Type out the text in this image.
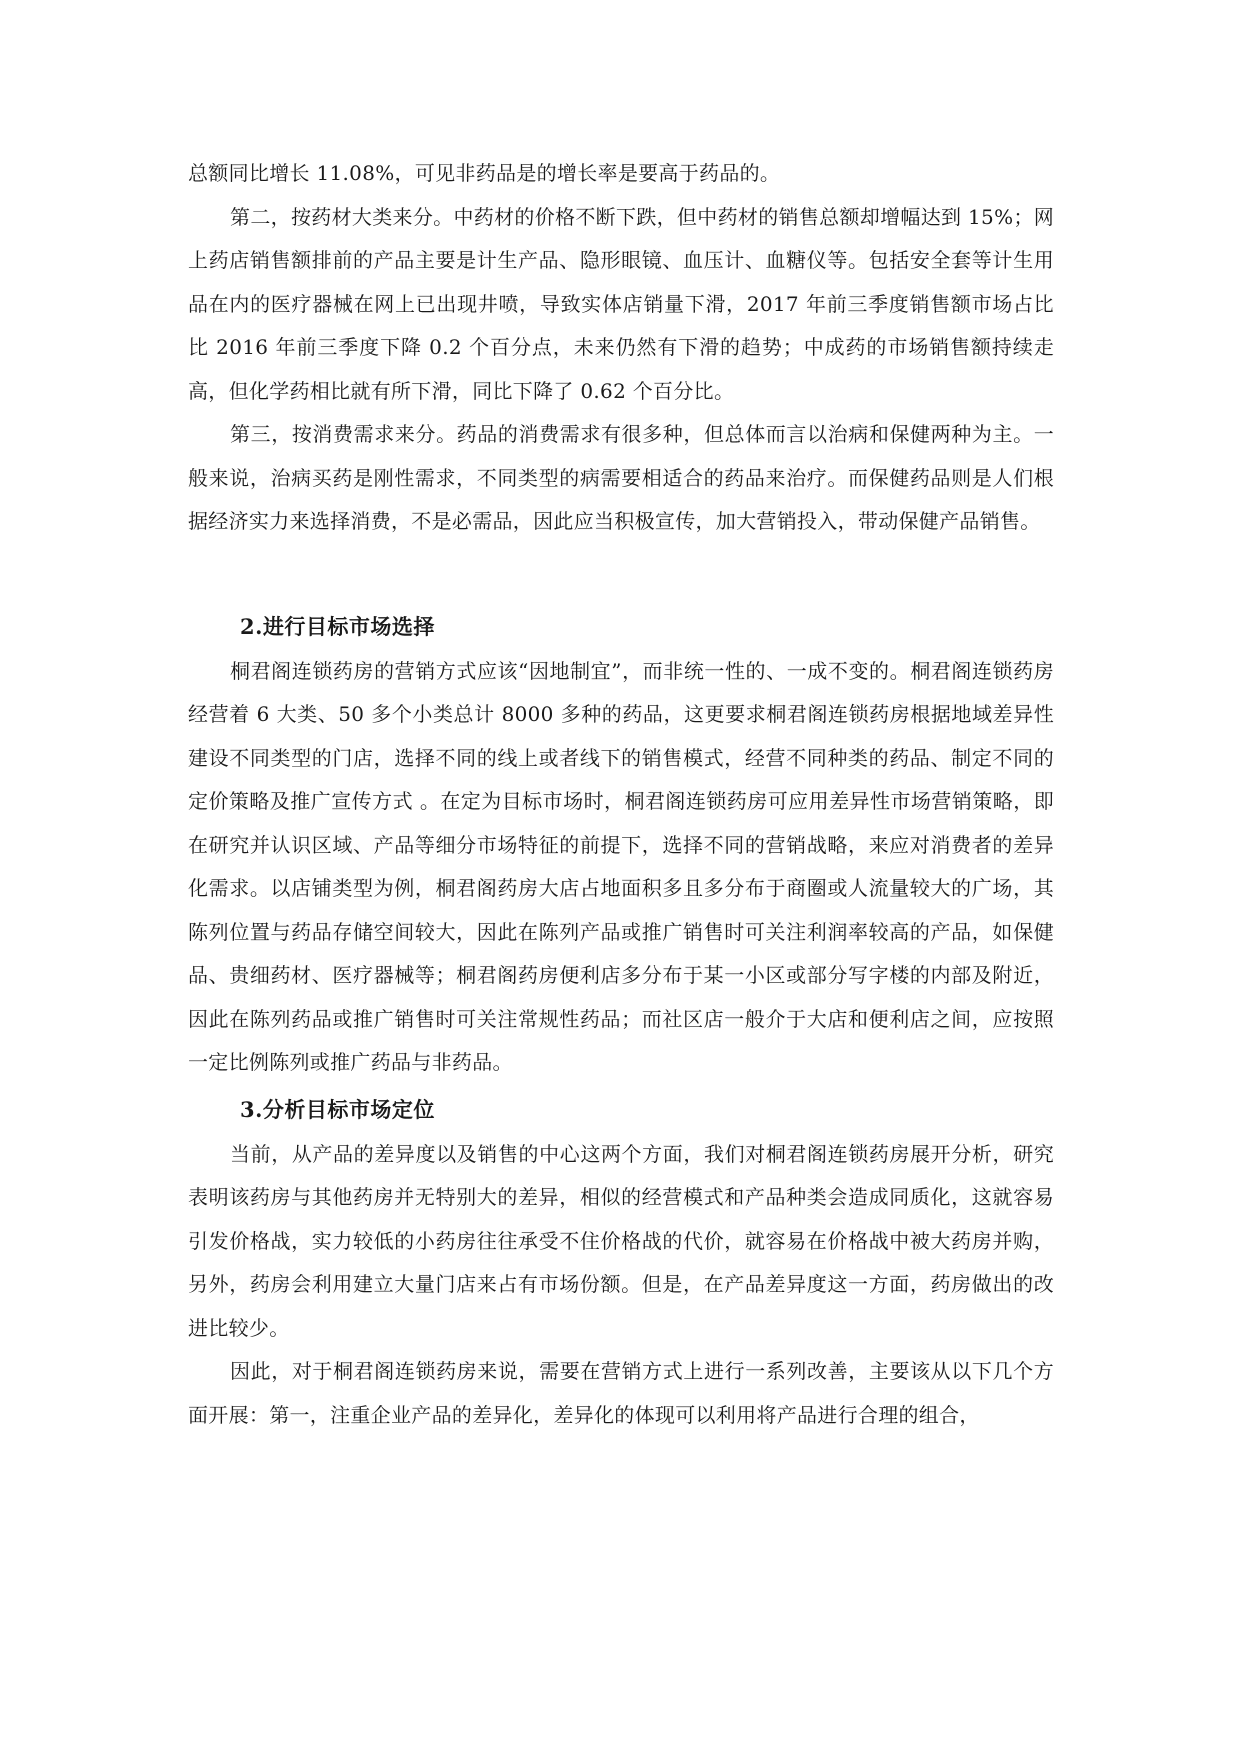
总额同比增长 11.08%，可见非药品是的增长率是要高于药品的。

第二，按药材大类来分。中药材的价格不断下跌，但中药材的销售总额却增幅达到 15%；网上药店销售额排前的产品主要是计生产品、隐形眼镜、血压计、血糖仪等。包括安全套等计生用品在内的医疗器械在网上已出现井喷，导致实体店销量下滑，2017 年前三季度销售额市场占比比 2016 年前三季度下降 0.2 个百分点，未来仍然有下滑的趋势；中成药的市场销售额持续走高，但化学药相比就有所下滑，同比下降了 0.62 个百分比。

第三，按消费需求来分。药品的消费需求有很多种，但总体而言以治病和保健两种为主。一般来说，治病买药是刚性需求，不同类型的病需要相适合的药品来治疗。而保健药品则是人们根据经济实力来选择消费，不是必需品，因此应当积极宣传，加大营销投入，带动保健产品销售。

2.进行目标市场选择

桐君阁连锁药房的营销方式应该“因地制宜”，而非统一性的、一成不变的。桐君阁连锁药房经营着 6 大类、50 多个小类总计 8000 多种的药品，这更要求桐君阁连锁药房根据地域差异性建设不同类型的门店，选择不同的线上或者线下的销售模式，经营不同种类的药品、制定不同的定价策略及推广宣传方式 。在定为目标市场时，桐君阁连锁药房可应用差异性市场营销策略，即在研究并认识区域、产品等细分市场特征的前提下，选择不同的营销战略，来应对消费者的差异化需求。以店铺类型为例，桐君阁药房大店占地面积多且多分布于商圈或人流量较大的广场，其陈列位置与药品存储空间较大，因此在陈列产品或推广销售时可关注利润率较高的产品，如保健品、贵细药材、医疗器械等；桐君阁药房便利店多分布于某一小区或部分写字楼的内部及附近，因此在陈列药品或推广销售时可关注常规性药品；而社区店一般介于大店和便利店之间，应按照一定比例陈列或推广药品与非药品。

3.分析目标市场定位

当前，从产品的差异度以及销售的中心这两个方面，我们对桐君阁连锁药房展开分析，研究表明该药房与其他药房并无特别大的差异，相似的经营模式和产品种类会造成同质化，这就容易引发价格战，实力较低的小药房往往承受不住价格战的代价，就容易在价格战中被大药房并购，另外，药房会利用建立大量门店来占有市场份额。但是，在产品差异度这一方面，药房做出的改进比较少。

因此，对于桐君阁连锁药房来说，需要在营销方式上进行一系列改善，主要该从以下几个方面开展：第一，注重企业产品的差异化，差异化的体现可以利用将产品进行合理的组合，
